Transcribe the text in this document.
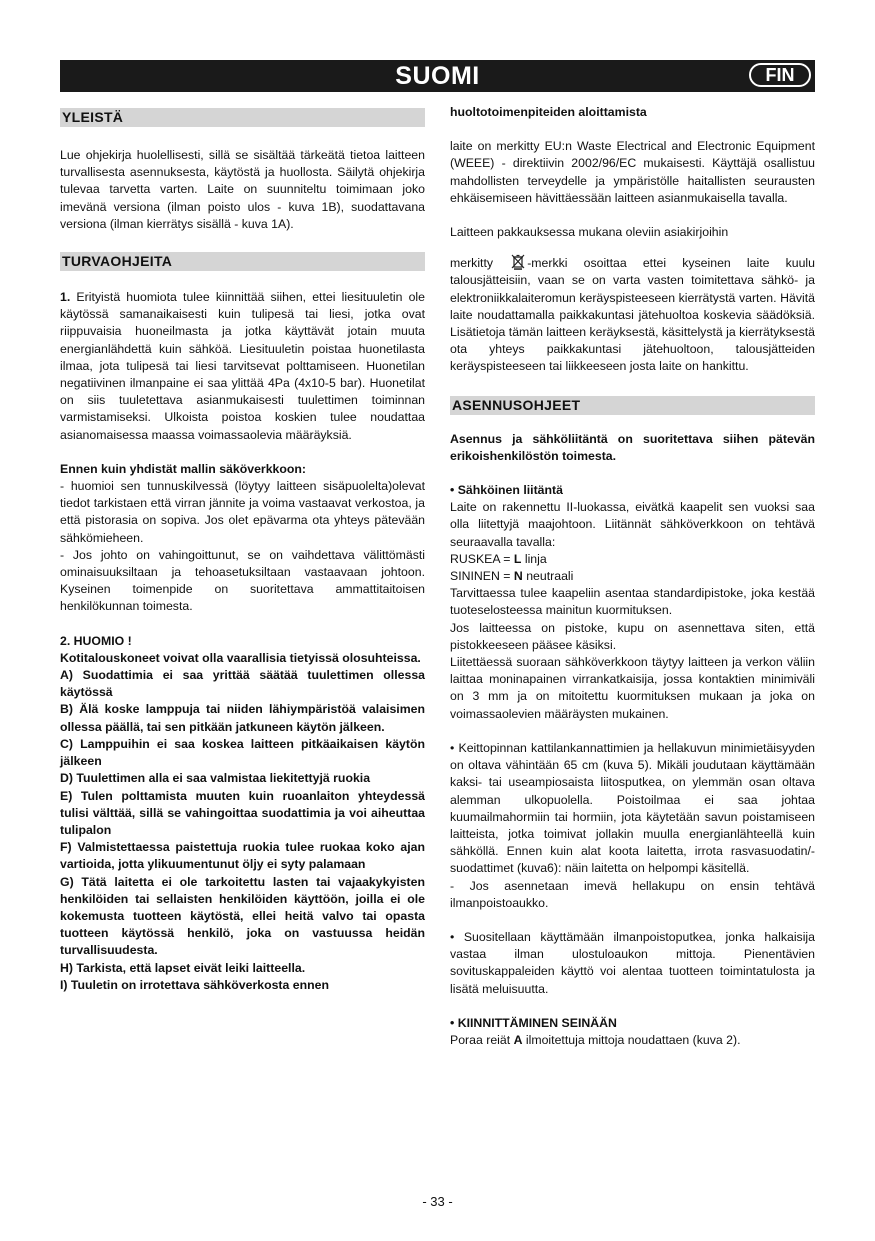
SUOMI	FIN
YLEISTÄ

Lue ohjekirja huolellisesti, sillä se sisältää tärkeätä tietoa laitteen turvallisesta asennuksesta, käytöstä ja huollosta. Säilytä ohjekirja tulevaa tarvetta varten. Laite on suunniteltu toimimaan joko imevänä versiona (ilman poisto ulos - kuva 1B), suodattavana versiona (ilman kierrätys sisällä - kuva 1A).

TURVAOHJEITA

1. Erityistä huomiota tulee kiinnittää siihen, ettei liesituuletin ole käytössä samanaikaisesti kuin tulipesä tai liesi, jotka ovat riippuvaisia huoneilmasta ja jotka käyttävät jotain muuta energianlähdettä kuin sähköä. Liesituuletin poistaa huonetilasta ilmaa, jota tulipesä tai liesi tarvitsevat polttamiseen. Huonetilan negatiivinen ilmanpaine ei saa ylittää 4Pa (4x10-5 bar). Huonetilat on siis tuuletettava asianmukaisesti tuulettimen toiminnan varmistamiseksi. Ulkoista poistoa koskien tulee noudattaa asianomaisessa maassa voimassaolevia määräyksiä.

Ennen kuin yhdistät mallin säköverkkoon:

- huomioi sen tunnuskilvessä (löytyy laitteen sisäpuolelta)olevat tiedot tarkistaen että virran jännite ja voima vastaavat verkostoa, ja että pistorasia on sopiva. Jos olet epävarma ota yhteys pätevään sähkömieheen.

- Jos johto on vahingoittunut, se on vaihdettava välittömästi ominaisuuksiltaan ja tehoasetuksiltaan vastaavaan johtoon. Kyseinen toimenpide on suoritettava ammattitaitoisen henkilökunnan toimesta.

2. HUOMIO !

Kotitalouskoneet voivat olla vaarallisia tietyissä olosuhteissa.

A) Suodattimia ei saa yrittää säätää tuulettimen ollessa käytössä

B) Älä koske lamppuja tai niiden lähiympäristöä valaisimen ollessa päällä, tai sen pitkään jatkuneen käytön jälkeen.

C) Lamppuihin ei saa koskea laitteen pitkäaikaisen käytön jälkeen

D) Tuulettimen alla ei saa valmistaa liekitettyjä ruokia

E) Tulen polttamista muuten kuin ruoanlaiton yhteydessä tulisi välttää, sillä se vahingoittaa suodattimia ja voi aiheuttaa tulipalon

F) Valmistettaessa paistettuja ruokia tulee ruokaa koko ajan vartioida, jotta ylikuumentunut öljy ei syty palamaan

G) Tätä laitetta ei ole tarkoitettu lasten tai vajaakykyisten henkilöiden tai sellaisten henkilöiden käyttöön, joilla ei ole kokemusta tuotteen käytöstä, ellei heitä valvo tai opasta tuotteen käytössä henkilö, joka on vastuussa heidän turvallisuudesta.

H) Tarkista, että lapset eivät leiki laitteella.

I) Tuuletin on irrotettava sähköverkosta ennen

huoltotoimenpiteiden aloittamista

laite on merkitty EU:n Waste Electrical and Electronic Equipment (WEEE) - direktiivin 2002/96/EC mukaisesti. Käyttäjä osallistuu mahdollisten terveydelle ja ympäristölle haitallisten seurausten ehkäisemiseen hävittäessään laitteen asianmukaisella tavalla.

Laitteen pakkauksessa mukana oleviin asiakirjoihin

merkitty	-merkki osoittaa ettei kyseinen laite kuulu talousjätteisiin, vaan se on varta vasten toimitettava sähkö- ja elektroniikkalaiteromun keräyspisteeseen kierrätystä varten. Hävitä laite noudattamalla paikkakuntasi jätehuoltoa koskevia säädöksiä. Lisätietoja tämän laitteen keräyksestä, käsittelystä ja kierrätyksestä ota yhteys paikkakuntasi jätehuoltoon, talousjätteiden keräyspisteeseen tai liikkeeseen josta laite on hankittu.

ASENNUSOHJEET

Asennus ja sähköliitäntä on suoritettava siihen pätevän erikoishenkilöstön toimesta.

• Sähköinen liitäntä

Laite on rakennettu II-luokassa, eivätkä kaapelit sen vuoksi saa olla liitettyjä maajohtoon. Liitännät sähköverkkoon on tehtävä seuraavalla tavalla:

RUSKEA = L linja

SININEN = N neutraali

Tarvittaessa tulee kaapeliin asentaa standardipistoke, joka kestää tuoteselosteessa mainitun kuormituksen.

Jos laitteessa on pistoke, kupu on asennettava siten, että pistokkeeseen pääsee käsiksi.

Liitettäessä suoraan sähköverkkoon täytyy laitteen ja verkon väliin laittaa moninapainen virrankatkaisija, jossa kontaktien minimiväli on 3 mm ja on mitoitettu kuormituksen mukaan ja joka on voimassaolevien määräysten mukainen.

• Keittopinnan kattilankannattimien ja hellakuvun minimietäisyyden on oltava vähintään 65 cm (kuva 5). Mikäli joudutaan käyttämään kaksi- tai useampiosaista liitosputkea, on ylemmän osan oltava alemman ulkopuolella. Poistoilmaa ei saa johtaa kuumailmahormiin tai hormiin, jota käytetään savun poistamiseen laitteista, jotka toimivat jollakin muulla energianlähteellä kuin sähköllä. Ennen kuin alat koota laitetta, irrota rasvasuodatin/-suodattimet (kuva6): näin laitetta on helpompi käsitellä.

- Jos asennetaan imevä hellakupu on ensin tehtävä ilmanpoistoaukko.

• Suositellaan käyttämään ilmanpoistoputkea, jonka halkaisija vastaa ilman ulostuloaukon mittoja. Pienentävien sovituskappaleiden käyttö voi alentaa tuotteen toimintatulosta ja lisätä meluisuutta.

• KIINNITTÄMINEN SEINÄÄN

Poraa reiät A ilmoitettuja mittoja noudattaen (kuva 2).

- 33 -
